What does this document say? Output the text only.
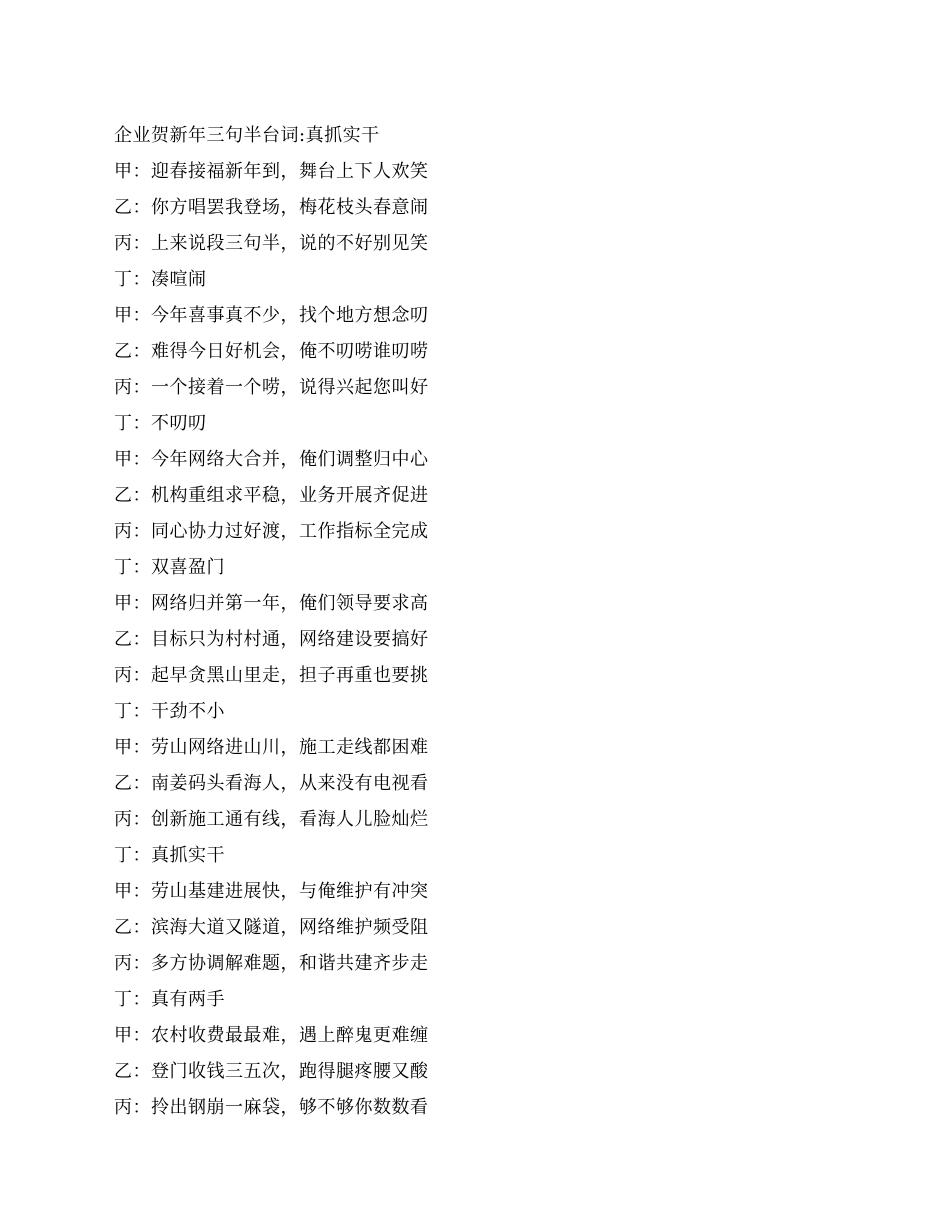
企业贺新年三句半台词:真抓实干
甲：迎春接福新年到，舞台上下人欢笑
乙：你方唱罢我登场，梅花枝头春意闹
丙：上来说段三句半，说的不好别见笑
丁：凑喧闹
甲：今年喜事真不少，找个地方想念叨
乙：难得今日好机会，俺不叨唠谁叨唠
丙：一个接着一个唠，说得兴起您叫好
丁：不叨叨
甲：今年网络大合并，俺们调整归中心
乙：机构重组求平稳，业务开展齐促进
丙：同心协力过好渡，工作指标全完成
丁：双喜盈门
甲：网络归并第一年，俺们领导要求高
乙：目标只为村村通，网络建设要搞好
丙：起早贪黑山里走，担子再重也要挑
丁：干劲不小
甲：劳山网络进山川，施工走线都困难
乙：南姜码头看海人，从来没有电视看
丙：创新施工通有线，看海人儿脸灿烂
丁：真抓实干
甲：劳山基建进展快，与俺维护有冲突
乙：滨海大道又隧道，网络维护频受阻
丙：多方协调解难题，和谐共建齐步走
丁：真有两手
甲：农村收费最最难，遇上醉鬼更难缠
乙：登门收钱三五次，跑得腿疼腰又酸
丙：拎出钢崩一麻袋，够不够你数数看
